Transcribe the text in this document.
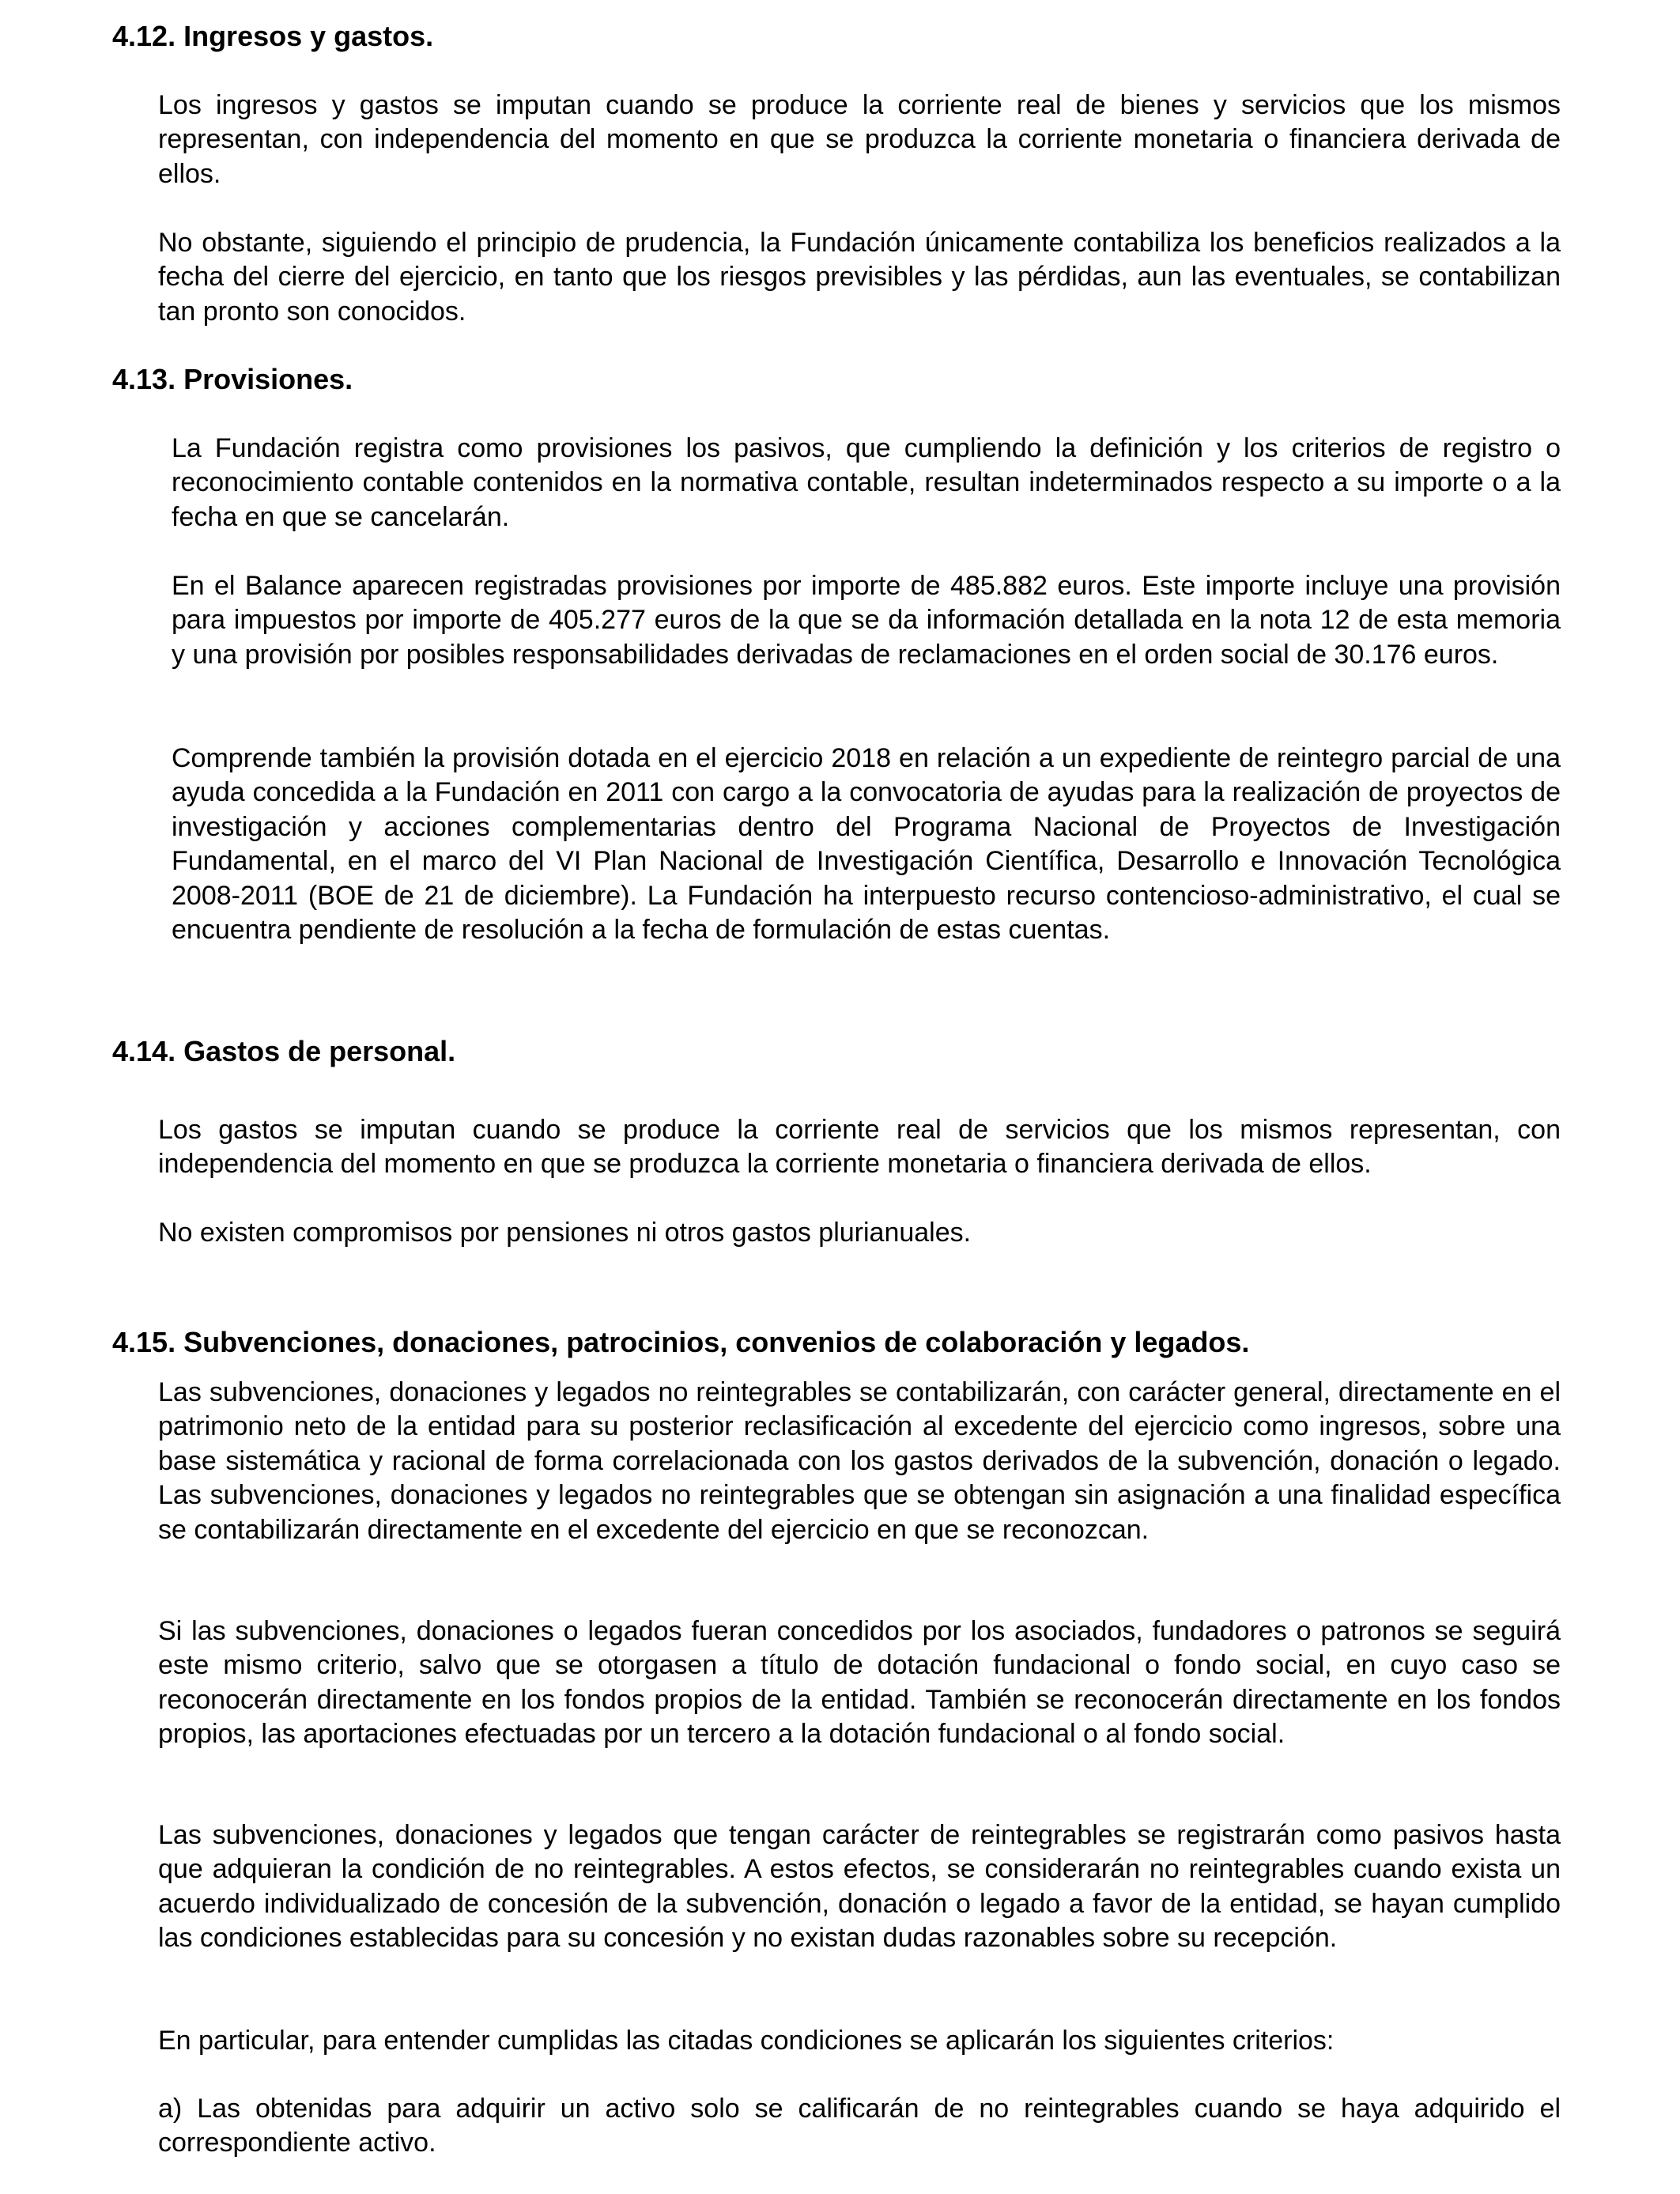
4.12. Ingresos y gastos.

Los ingresos y gastos se imputan cuando se produce la corriente real de bienes y servicios que los mismos representan, con independencia del momento en que se produzca la corriente monetaria o financiera derivada de ellos.

No obstante, siguiendo el principio de prudencia, la Fundación únicamente contabiliza los beneficios realizados a la fecha del cierre del ejercicio, en tanto que los riesgos previsibles y las pérdidas, aun las eventuales, se contabilizan tan pronto son conocidos.

4.13. Provisiones.

La Fundación registra como provisiones los pasivos, que cumpliendo la definición y los criterios de registro o reconocimiento contable contenidos en la normativa contable, resultan indeterminados respecto a su importe o a la fecha en que se cancelarán.

En el Balance aparecen registradas provisiones por importe de 485.882 euros. Este importe incluye una provisión para impuestos por importe de 405.277 euros de la que se da información detallada en la nota 12 de esta memoria y una provisión por posibles responsabilidades derivadas de reclamaciones en el orden social de 30.176 euros.

Comprende también la provisión dotada en el ejercicio 2018 en relación a un expediente de reintegro parcial de una ayuda concedida a la Fundación en 2011 con cargo a la convocatoria de ayudas para la realización de proyectos de investigación y acciones complementarias dentro del Programa Nacional de Proyectos de Investigación Fundamental, en el marco del VI Plan Nacional de Investigación Científica, Desarrollo e Innovación Tecnológica 2008-2011 (BOE de 21 de diciembre). La Fundación ha interpuesto recurso contencioso-administrativo, el cual se encuentra pendiente de resolución a la fecha de formulación de estas cuentas.

4.14. Gastos de personal.

Los gastos se imputan cuando se produce la corriente real de servicios que los mismos representan, con independencia del momento en que se produzca la corriente monetaria o financiera derivada de ellos.

No existen compromisos por pensiones ni otros gastos plurianuales.

4.15. Subvenciones, donaciones, patrocinios, convenios de colaboración y legados.

Las subvenciones, donaciones y legados no reintegrables se contabilizarán, con carácter general, directamente en el patrimonio neto de la entidad para su posterior reclasificación al excedente del ejercicio como ingresos, sobre una base sistemática y racional de forma correlacionada con los gastos derivados de la subvención, donación o legado. Las subvenciones, donaciones y legados no reintegrables que se obtengan sin asignación a una finalidad específica se contabilizarán directamente en el excedente del ejercicio en que se reconozcan.

Si las subvenciones, donaciones o legados fueran concedidos por los asociados, fundadores o patronos se seguirá este mismo criterio, salvo que se otorgasen a título de dotación fundacional o fondo social, en cuyo caso se reconocerán directamente en los fondos propios de la entidad. También se reconocerán directamente en los fondos propios, las aportaciones efectuadas por un tercero a la dotación fundacional o al fondo social.

Las subvenciones, donaciones y legados que tengan carácter de reintegrables se registrarán como pasivos hasta que adquieran la condición de no reintegrables. A estos efectos, se considerarán no reintegrables cuando exista un acuerdo individualizado de concesión de la subvención, donación o legado a favor de la entidad, se hayan cumplido las condiciones establecidas para su concesión y no existan dudas razonables sobre su recepción.

En particular, para entender cumplidas las citadas condiciones se aplicarán los siguientes criterios:

a) Las obtenidas para adquirir un activo solo se calificarán de no reintegrables cuando se haya adquirido el correspondiente activo.
